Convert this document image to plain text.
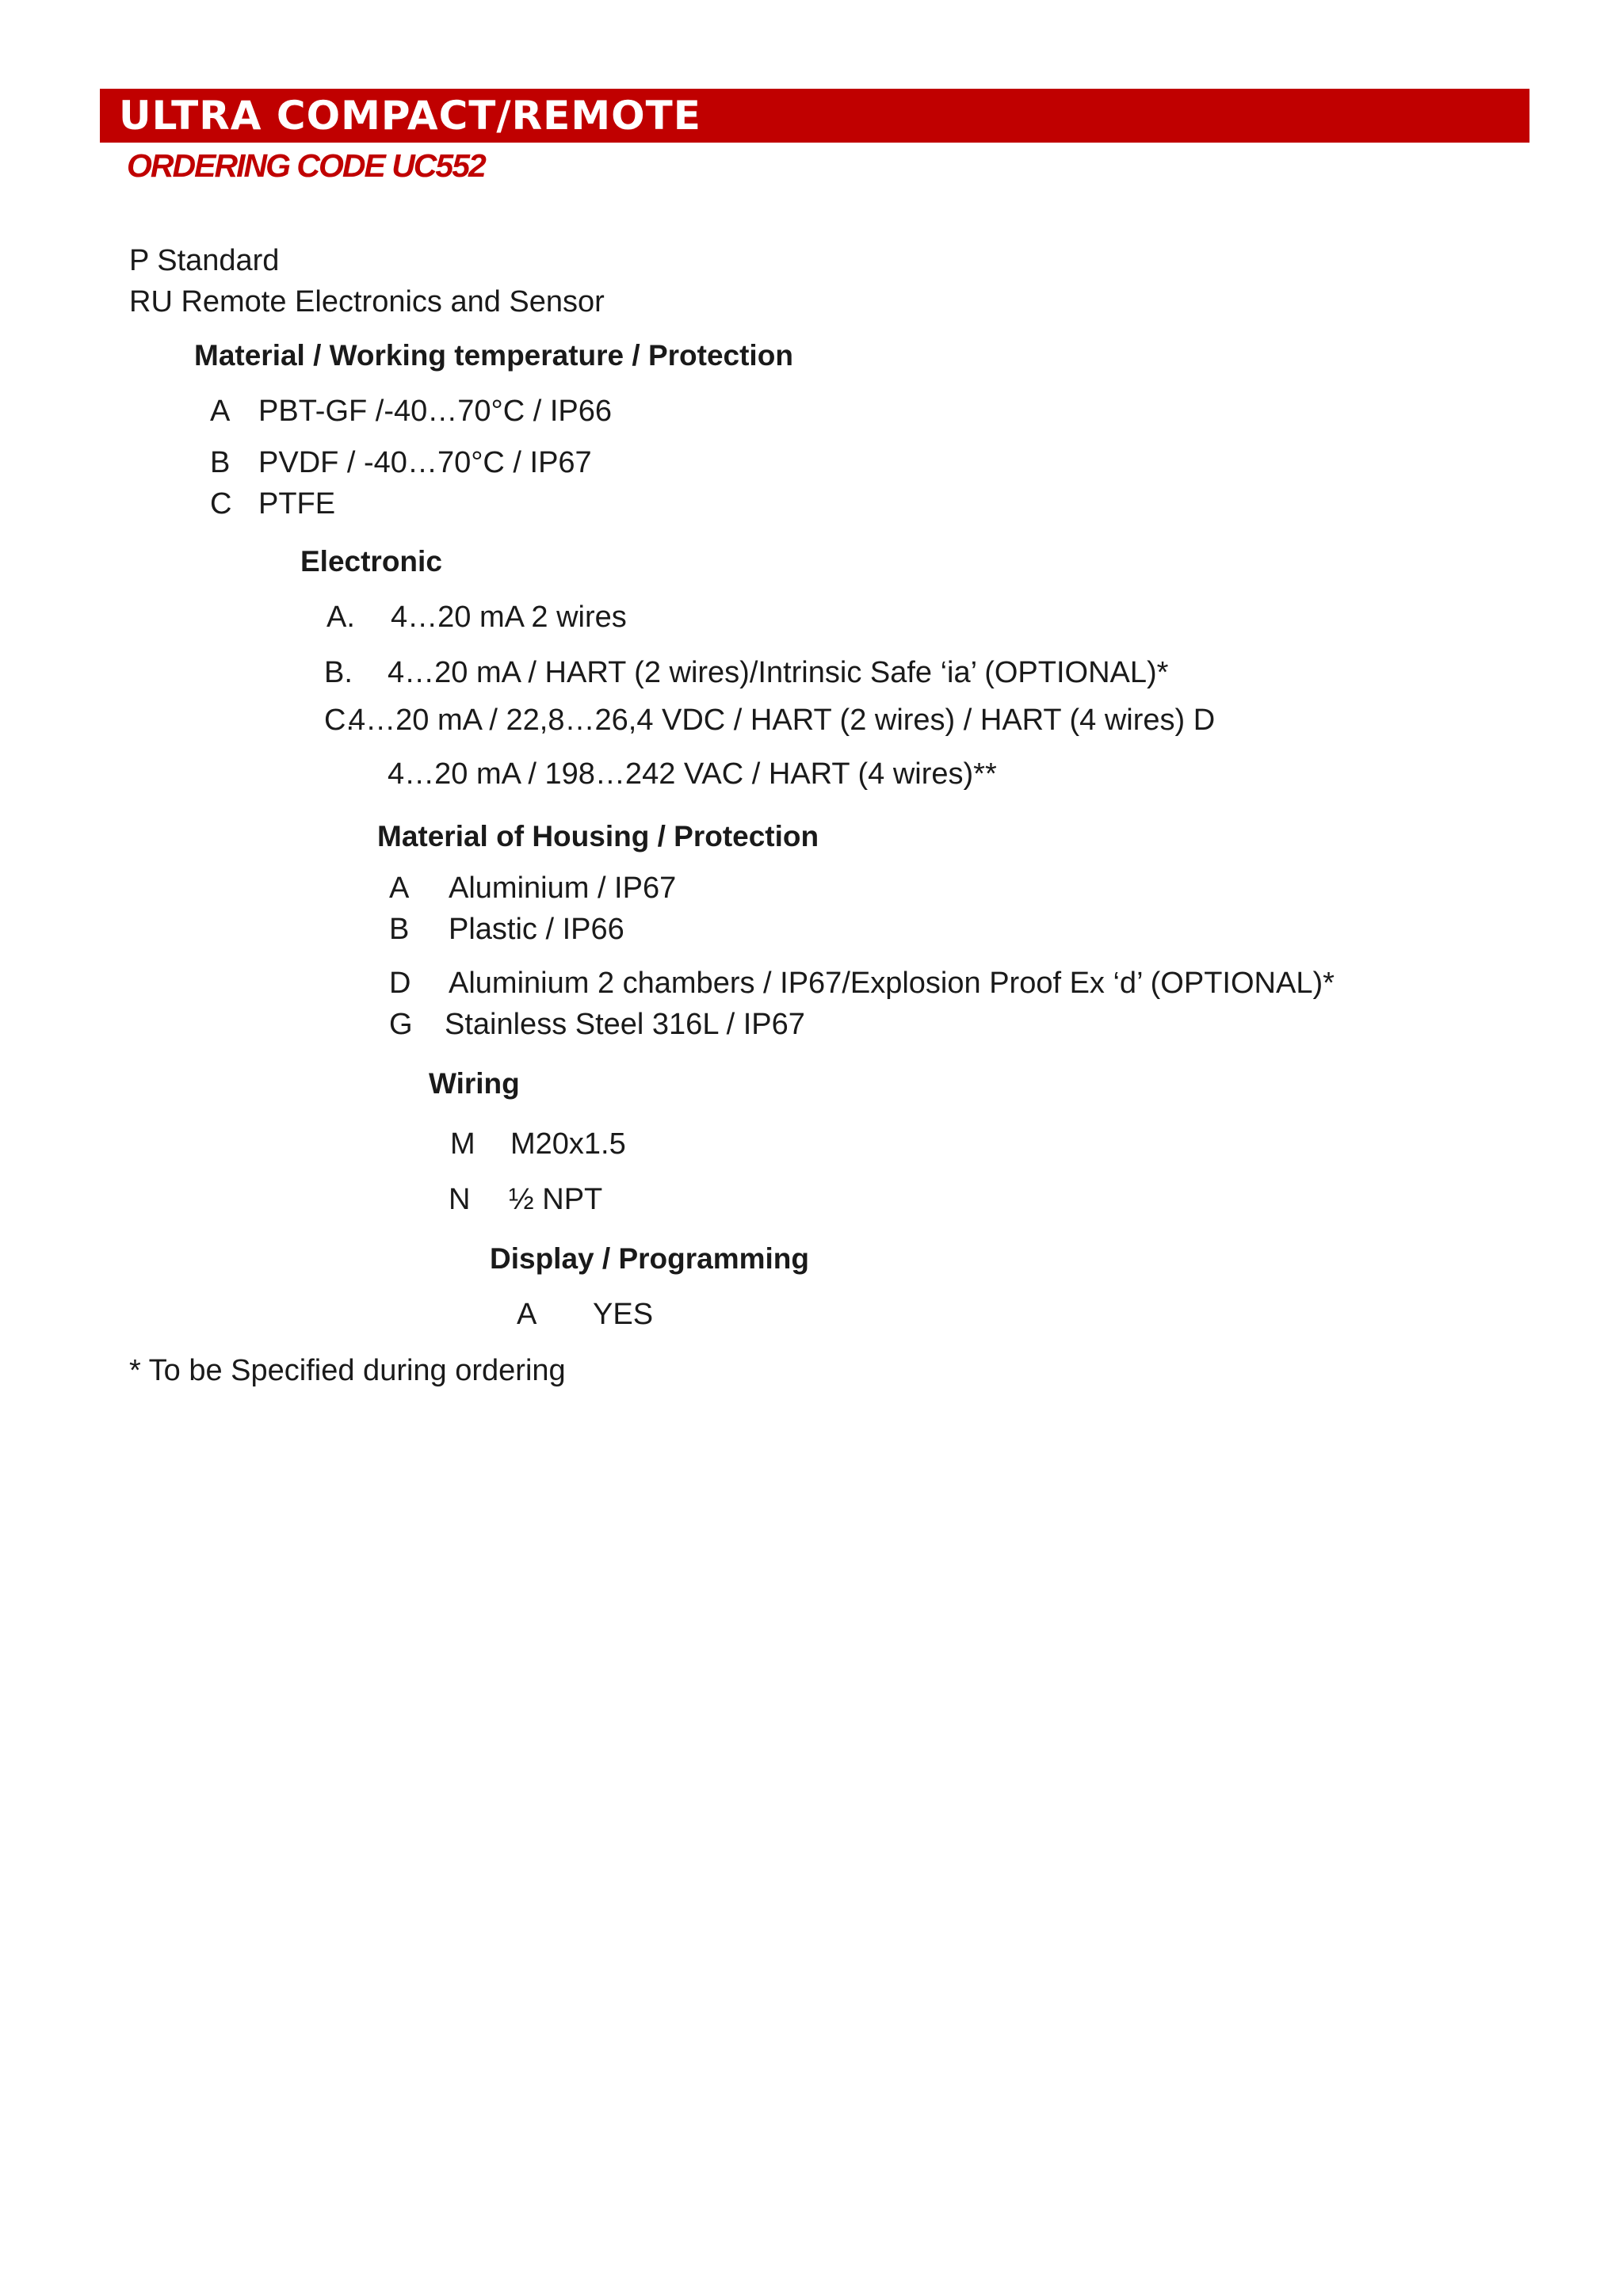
ULTRA COMPACT/REMOTE
ORDERING CODE UC552
P Standard
RU Remote Electronics and Sensor
Material / Working temperature / Protection
A PBT-GF /-40…70°C / IP66
B PVDF / -40…70°C / IP67
C PTFE
Electronic
A. 4…20 mA 2 wires
B. 4…20 mA / HART (2 wires)/Intrinsic Safe ‘ia’ (OPTIONAL)*
C.
4…20 mA / 22,8…26,4 VDC / HART (2 wires) / HART (4 wires) D
4…20 mA / 198…242 VAC / HART (4 wires)**
Material of Housing / Protection
A Aluminium / IP67
B Plastic / IP66
D Aluminium 2 chambers / IP67/Explosion Proof Ex ‘d’ (OPTIONAL)*
G Stainless Steel 316L / IP67
Wiring
M M20x1.5
N ½ NPT
Display / Programming
A YES
* To be Specified during ordering
